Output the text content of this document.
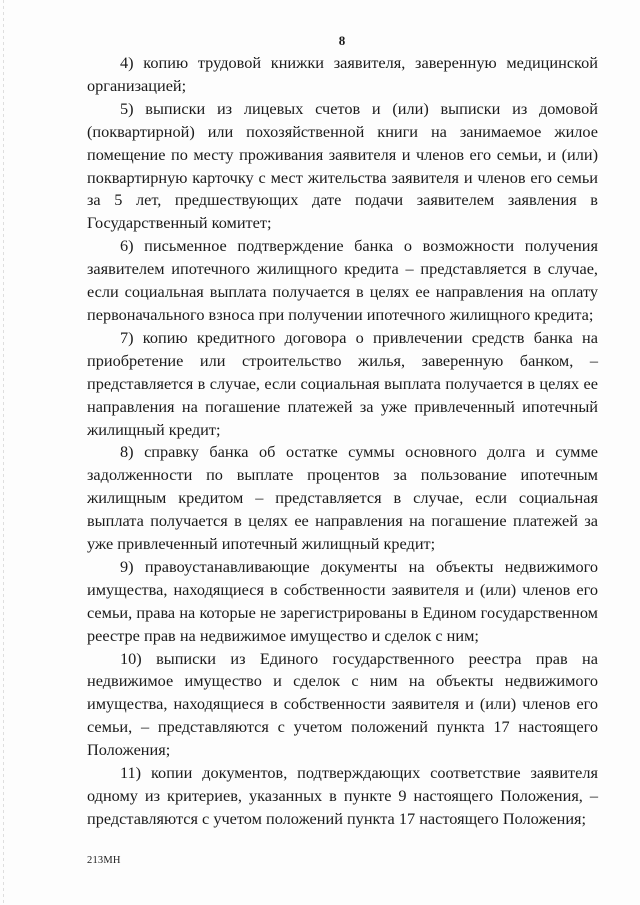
8

4) копию трудовой книжки заявителя, заверенную медицинской организацией;

5) выписки из лицевых счетов и (или) выписки из домовой (поквартирной) или похозяйственной книги на занимаемое жилое помещение по месту проживания заявителя и членов его семьи, и (или) поквартирную карточку с мест жительства заявителя и членов его семьи за 5 лет, предшествующих дате подачи заявителем заявления в Государственный комитет;

6) письменное подтверждение банка о возможности получения заявителем ипотечного жилищного кредита – представляется в случае, если социальная выплата получается в целях ее направления на оплату первоначального взноса при получении ипотечного жилищного кредита;

7) копию кредитного договора о привлечении средств банка на приобретение или строительство жилья, заверенную банком, – представляется в случае, если социальная выплата получается в целях ее направления на погашение платежей за уже привлеченный ипотечный жилищный кредит;

8) справку банка об остатке суммы основного долга и сумме задолженности по выплате процентов за пользование ипотечным жилищным кредитом – представляется в случае, если социальная выплата получается в целях ее направления на погашение платежей за уже привлеченный ипотечный жилищный кредит;

9) правоустанавливающие документы на объекты недвижимого имущества, находящиеся в собственности заявителя и (или) членов его семьи, права на которые не зарегистрированы в Едином государственном реестре прав на недвижимое имущество и сделок с ним;

10) выписки из Единого государственного реестра прав на недвижимое имущество и сделок с ним на объекты недвижимого имущества, находящиеся в собственности заявителя и (или) членов его семьи, – представляются с учетом положений пункта 17 настоящего Положения;

11) копии документов, подтверждающих соответствие заявителя одному из критериев, указанных в пункте 9 настоящего Положения, – представляются с учетом положений пункта 17 настоящего Положения;

213МН
